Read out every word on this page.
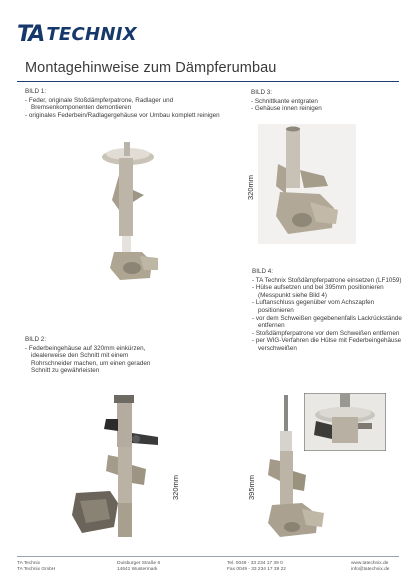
TA TECHNIX
Montagehinweise zum Dämpferumbau
BILD 1:
- Feder, originale Stoßdämpferpatrone, Radlager und Bremsenkomponenten demontieren
- originales Federbein/Radlagergehäuse vor Umbau komplett reinigen
BILD 3:
- Schnittkante entgraten
- Gehäuse innen reinigen
320mm
BILD 4:
- TA Technix Stoßdämpferpatrone einsetzen (LF1059)
- Hülse aufsetzen und bei 395mm positionieren (Messpunkt siehe Bild 4)
- Luftanschluss gegenüber vom Achszapfen positionieren
- vor dem Schweißen gegebenenfalls Lackrückstände entfernen
- Stoßdämpferpatrone vor dem Schweißen entfernen
- per WIG-Verfahren die Hülse mit Federbeingehäuse verschweißen
BILD 2:
- Federbeingehäuse auf 320mm einkürzen, idealerweise den Schnitt mit einem Rohrschneider machen, um einen geraden Schnitt zu gewährleisten
320mm	395mm
TA Technix
TA Technix GmbH
Duisburger Straße 6
14641 Wustermark
Tel. 0049 - 33 234 17 39 0
Fax 0049 - 33 234 17 39 22
www.tatechnix.de
info@tatechnix.de
